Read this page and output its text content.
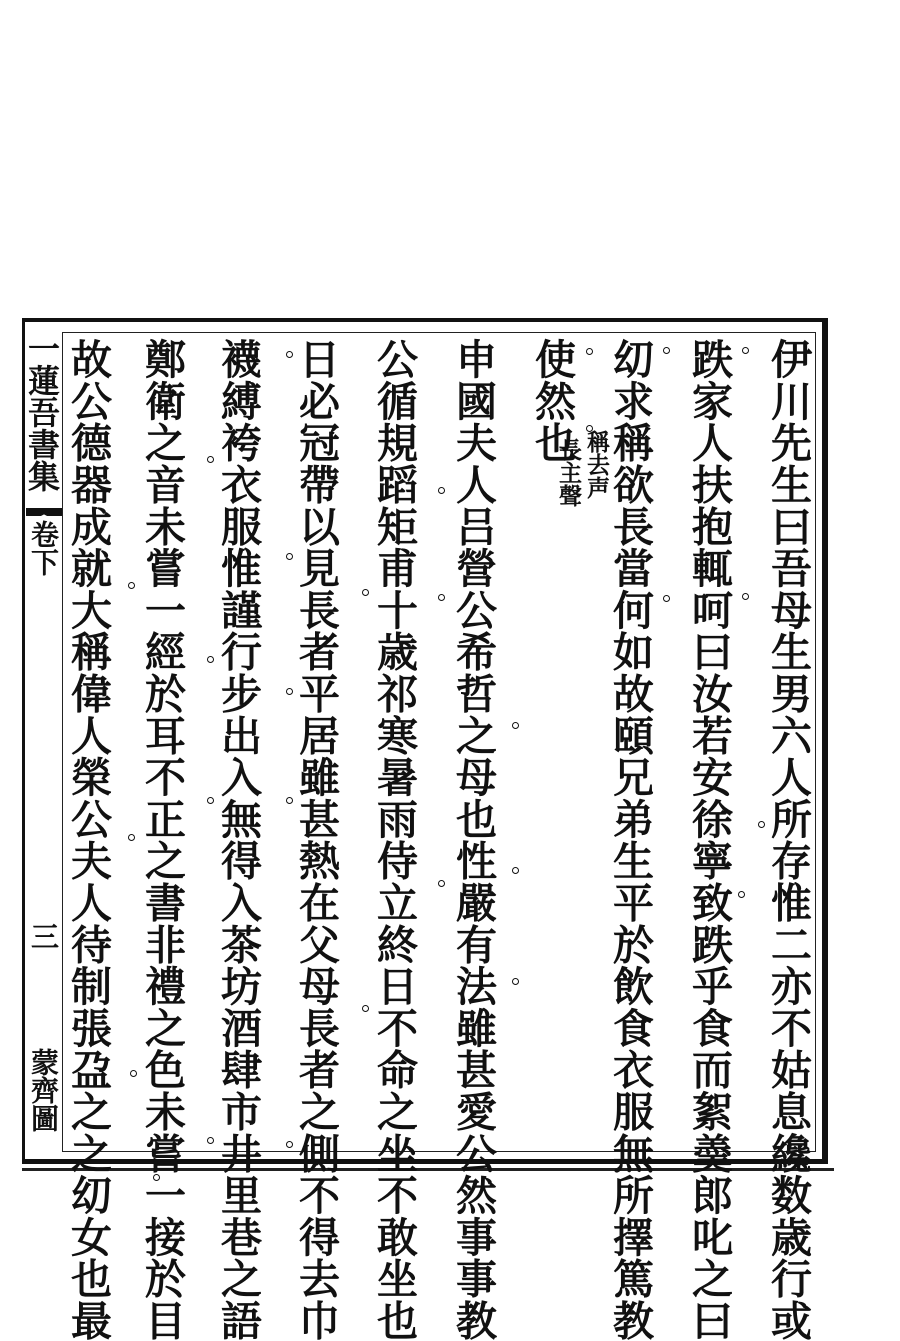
一蓮吾書集
卷下
三
蒙齊圖	伊川先生曰吾母生男六人所存惟二亦不姑息纔数歳行或
跌家人扶抱輒呵曰汝若安徐寧致跌乎食而絮羮郎叱之曰
㓜求稱欲長當何如故頤兄弟生平於飲食衣服無所擇篤教
使然也
稱去声
長主聲
申國夫人吕營公希哲之母也性嚴有法雖甚愛公然事事教
公循規蹈矩甫十歳祁寒暑雨侍立終日不命之坐不敢坐也
日必冠帶以見長者平居雖甚熱在父母長者之側不得去巾
襪縛袴衣服惟謹行步出入無得入茶坊酒肆市井里巷之語
鄭衛之音未嘗一經於耳不正之書非禮之色未嘗一接於目
故公德器成就大稱偉人榮公夫人待制張盁之之㓜女也最
